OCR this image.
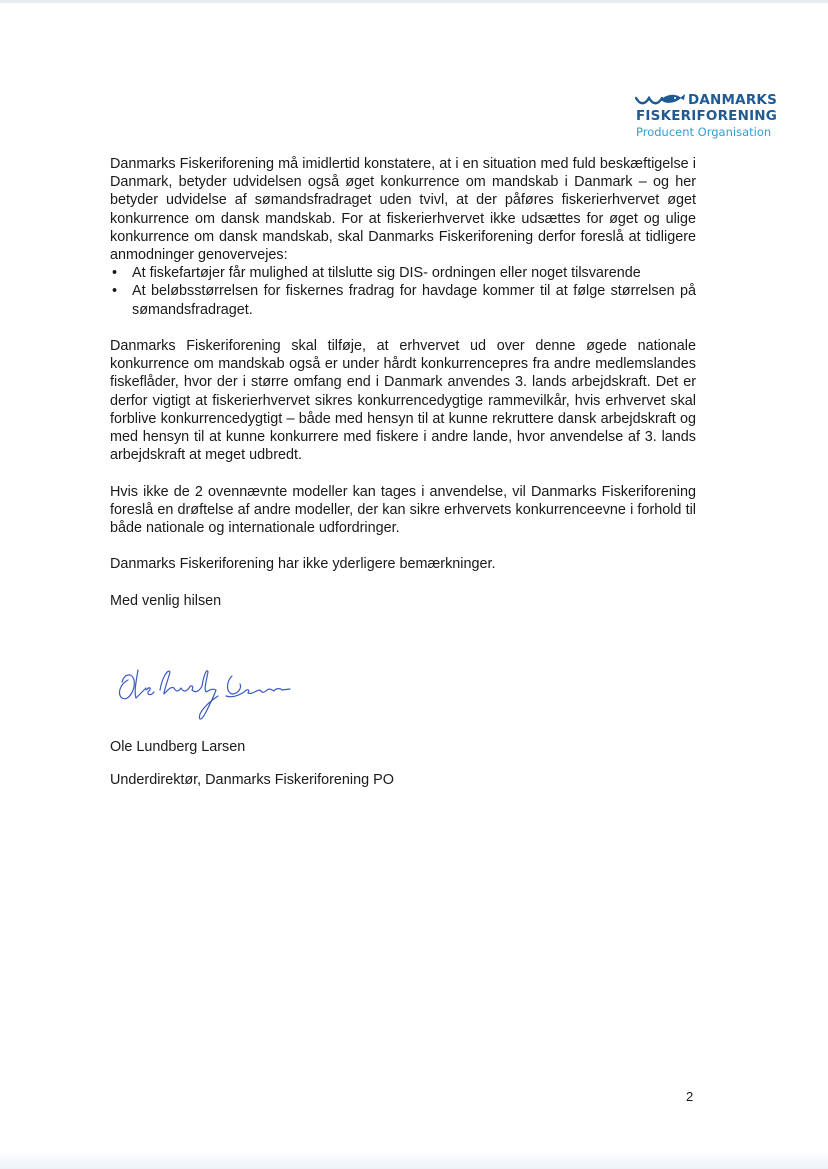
DANMARKS
FISKERIFORENING
Producent Organisation

Danmarks Fiskeriforening må imidlertid konstatere, at i en situation med fuld beskæftigelse i Danmark, betyder udvidelsen også øget konkurrence om mandskab i Danmark – og her betyder udvidelse af sømandsfradraget uden tvivl, at der påføres fiskerierhvervet øget konkurrence om dansk mandskab. For at fiskerierhvervet ikke udsættes for øget og ulige konkurrence om dansk mandskab, skal Danmarks Fiskeriforening derfor foreslå at tidligere anmodninger genovervejes:

• At fiskefartøjer får mulighed at tilslutte sig DIS- ordningen eller noget tilsvarende
• At beløbsstørrelsen for fiskernes fradrag for havdage kommer til at følge størrelsen på sømandsfradraget.

Danmarks Fiskeriforening skal tilføje, at erhvervet ud over denne øgede nationale konkurrence om mandskab også er under hårdt konkurrencepres fra andre medlemslandes fiskeflåder, hvor der i større omfang end i Danmark anvendes 3. lands arbejdskraft. Det er derfor vigtigt at fiskerierhvervet sikres konkurrencedygtige rammevilkår, hvis erhvervet skal forblive konkurrencedygtigt – både med hensyn til at kunne rekruttere dansk arbejdskraft og med hensyn til at kunne konkurrere med fiskere i andre lande, hvor anvendelse af 3. lands arbejdskraft at meget udbredt.

Hvis ikke de 2 ovennævnte modeller kan tages i anvendelse, vil Danmarks Fiskeriforening foreslå en drøftelse af andre modeller, der kan sikre erhvervets konkurrenceevne i forhold til både nationale og internationale udfordringer.

Danmarks Fiskeriforening har ikke yderligere bemærkninger.

Med venlig hilsen

Ole Lundberg Larsen
Underdirektør, Danmarks Fiskeriforening PO
2
